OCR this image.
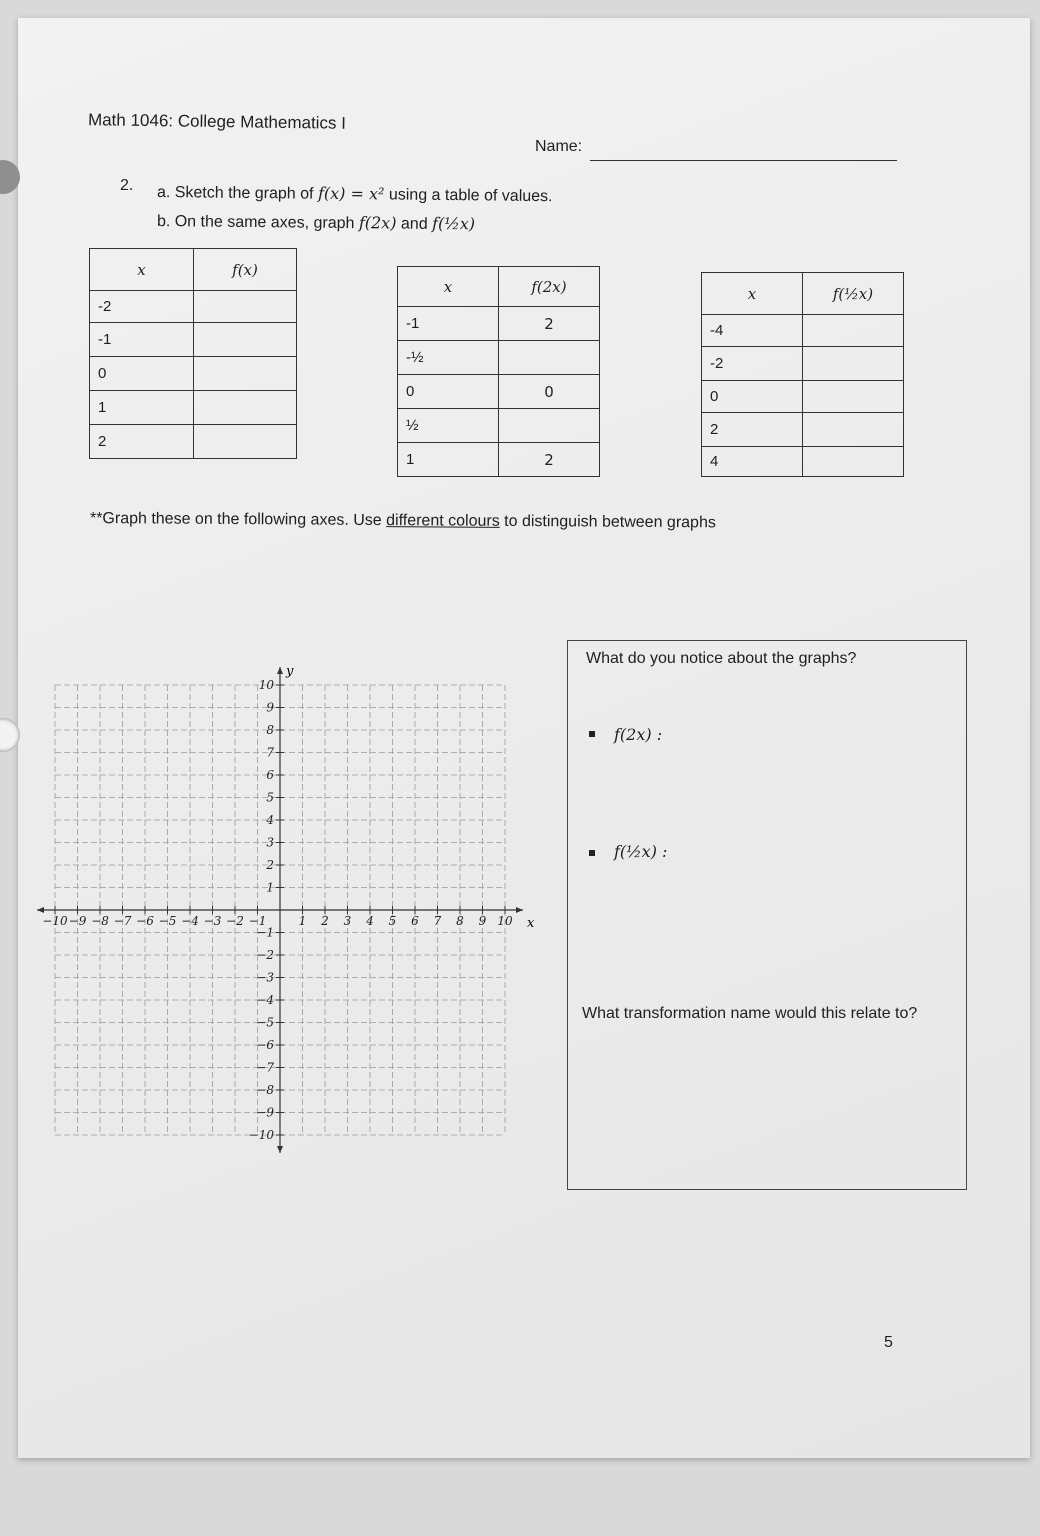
Math 1046: College Mathematics I
Name:
2. a. Sketch the graph of f(x) = x² using a table of values.
b. On the same axes, graph f(2x) and f(½x)
x	f(x)
-2	
-1	
0	
1	
2	
x	f(2x)
-1	2
-½	
0	0
½	
1	2
x	f(½x)
-4	
-2	
0	
2	
4	
**Graph these on the following axes. Use different colours to distinguish between graphs
−10 −9 −8 −7 −6 −5 −4 −3 −2 −1	1 2 3 4 5 6 7 8 9 10
−10
−9
−8
−7
−6
−5
−4
−3
−2
−1
1
2
3
4
5
6
7
8
9
10
x
y
What do you notice about the graphs?
f(2x) :
f(½x) :
What transformation name would this relate to?
5
